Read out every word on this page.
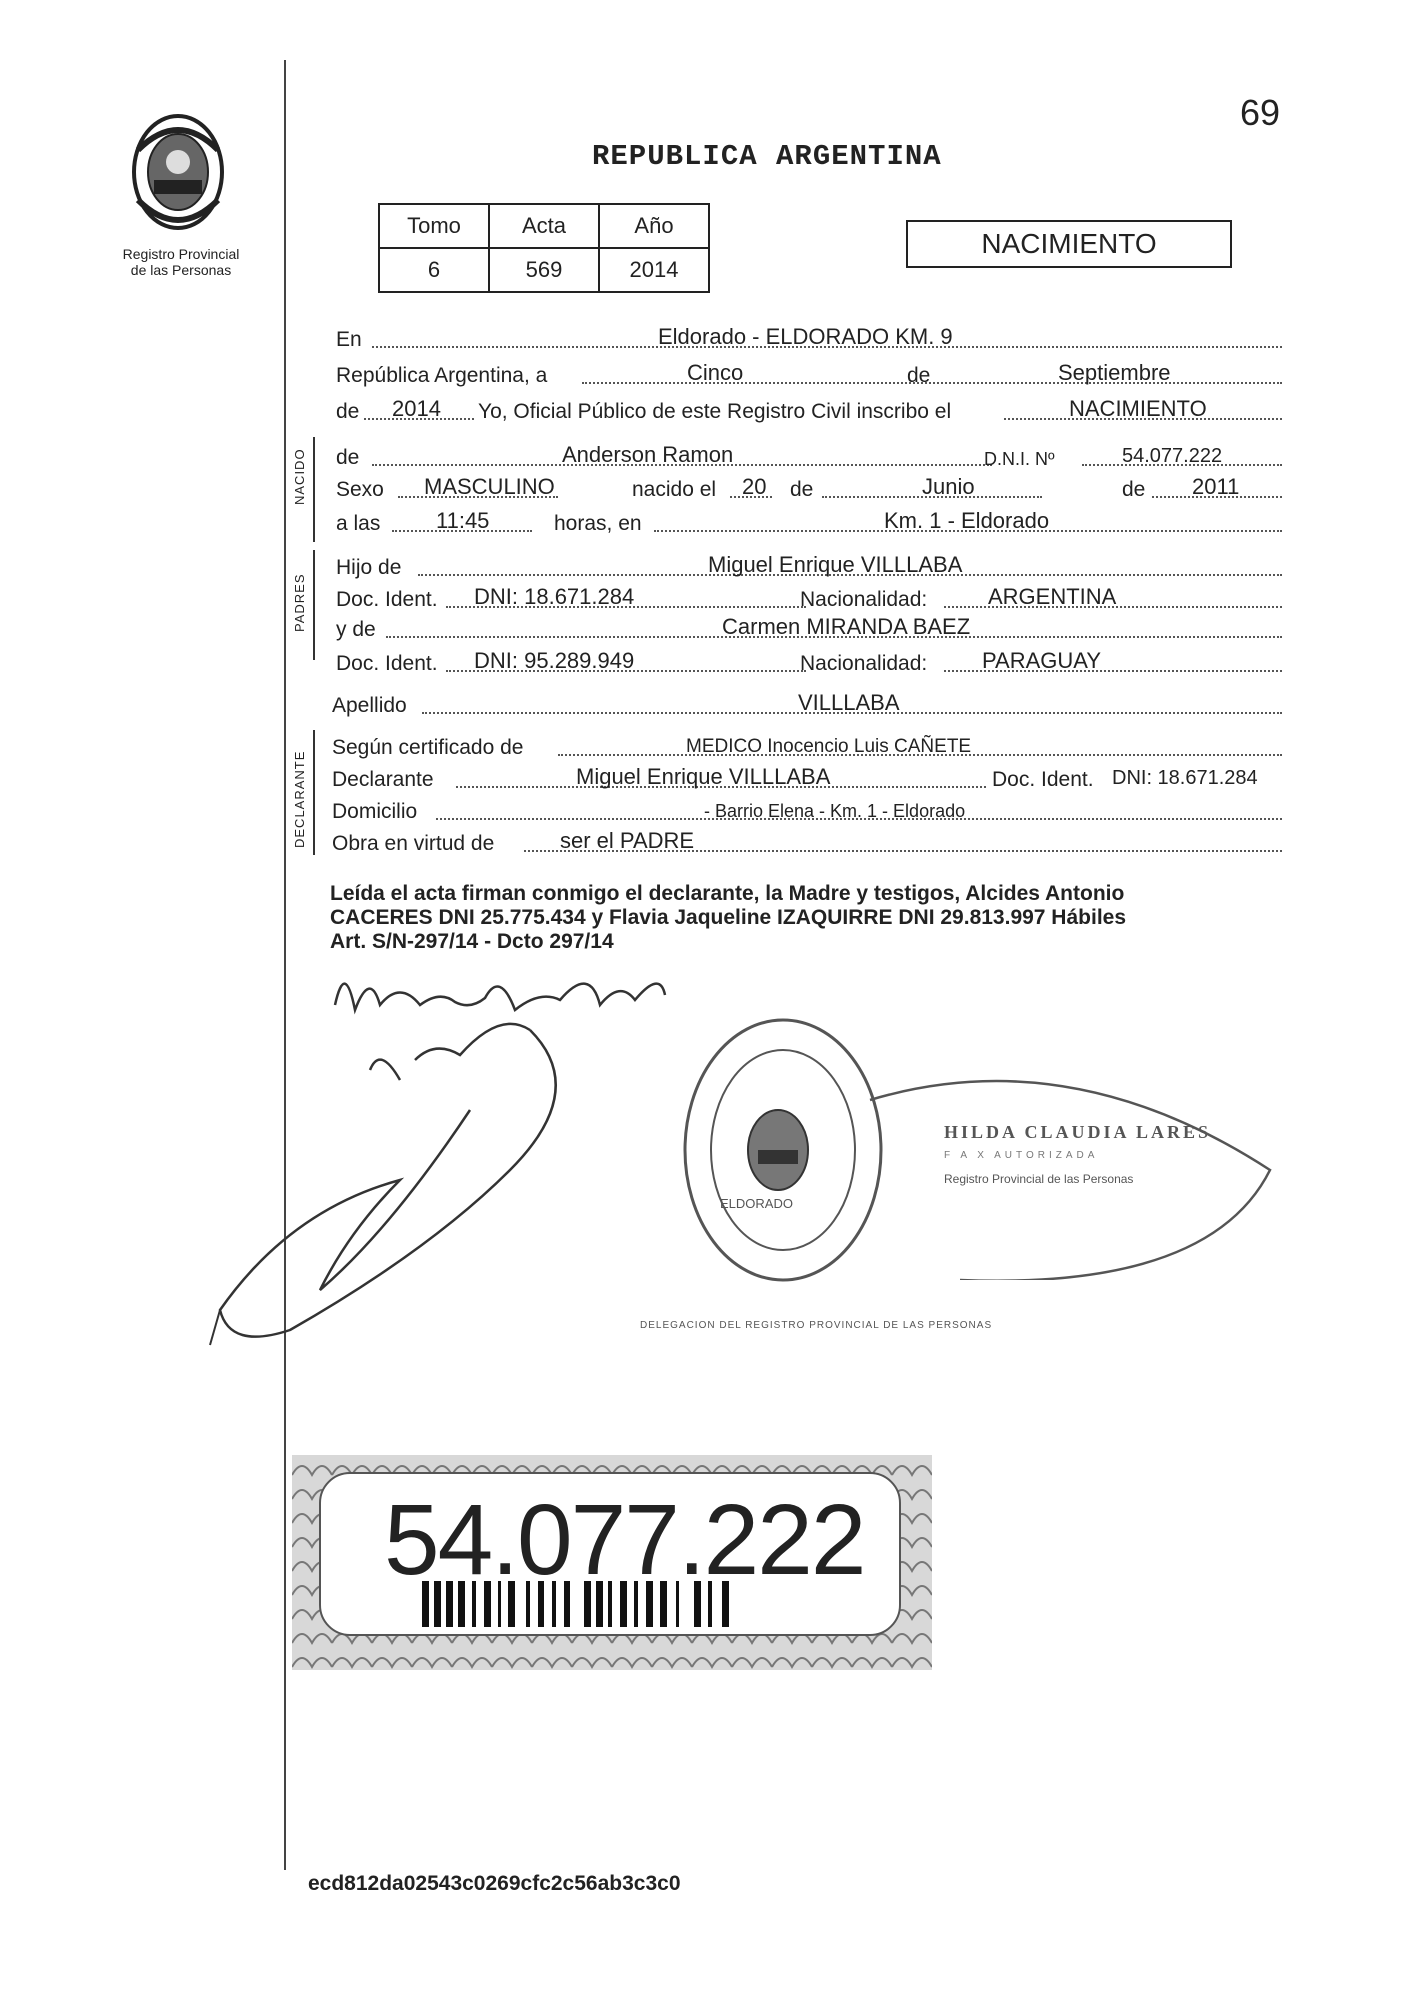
Registro Provincial
de las Personas
69
REPUBLICA ARGENTINA
Tomo	Acta	Año
6	569	2014
NACIMIENTO
NACIDO
PADRES
DECLARANTE
En	Eldorado - ELDORADO KM. 9
República Argentina, a	Cinco	de	Septiembre
de 2014 Yo, Oficial Público de este Registro Civil inscribo el	NACIMIENTO
de	Anderson Ramon	D.N.I. Nº	54.077.222
Sexo MASCULINO	nacido el 20 de	Junio	de 2011
a las	11:45	horas, en	Km. 1 - Eldorado
Hijo de	Miguel Enrique VILLLABA
Doc. Ident. DNI: 18.671.284	Nacionalidad:	ARGENTINA
y de	Carmen MIRANDA BAEZ
Doc. Ident. DNI: 95.289.949	Nacionalidad: PARAGUAY
Apellido	VILLLABA
Según certificado de	MEDICO Inocencio Luis CAÑETE
Declarante	Miguel Enrique VILLLABA	Doc. Ident. DNI: 18.671.284
Domicilio	- Barrio Elena - Km. 1 - Eldorado
Obra en virtud de	ser el PADRE
Leída el acta firman conmigo el declarante, la Madre y testigos, Alcides Antonio
CACERES DNI 25.775.434 y Flavia Jaqueline IZAQUIRRE DNI 29.813.997 Hábiles
Art. S/N-297/14 - Dcto 297/14
ELDORADO
DELEGACION DEL REGISTRO PROVINCIAL DE LAS PERSONAS
HILDA CLAUDIA LARES
F A X AUTORIZADA
Registro Provincial de las Personas
54.077.222
ecd812da02543c0269cfc2c56ab3c3c0
